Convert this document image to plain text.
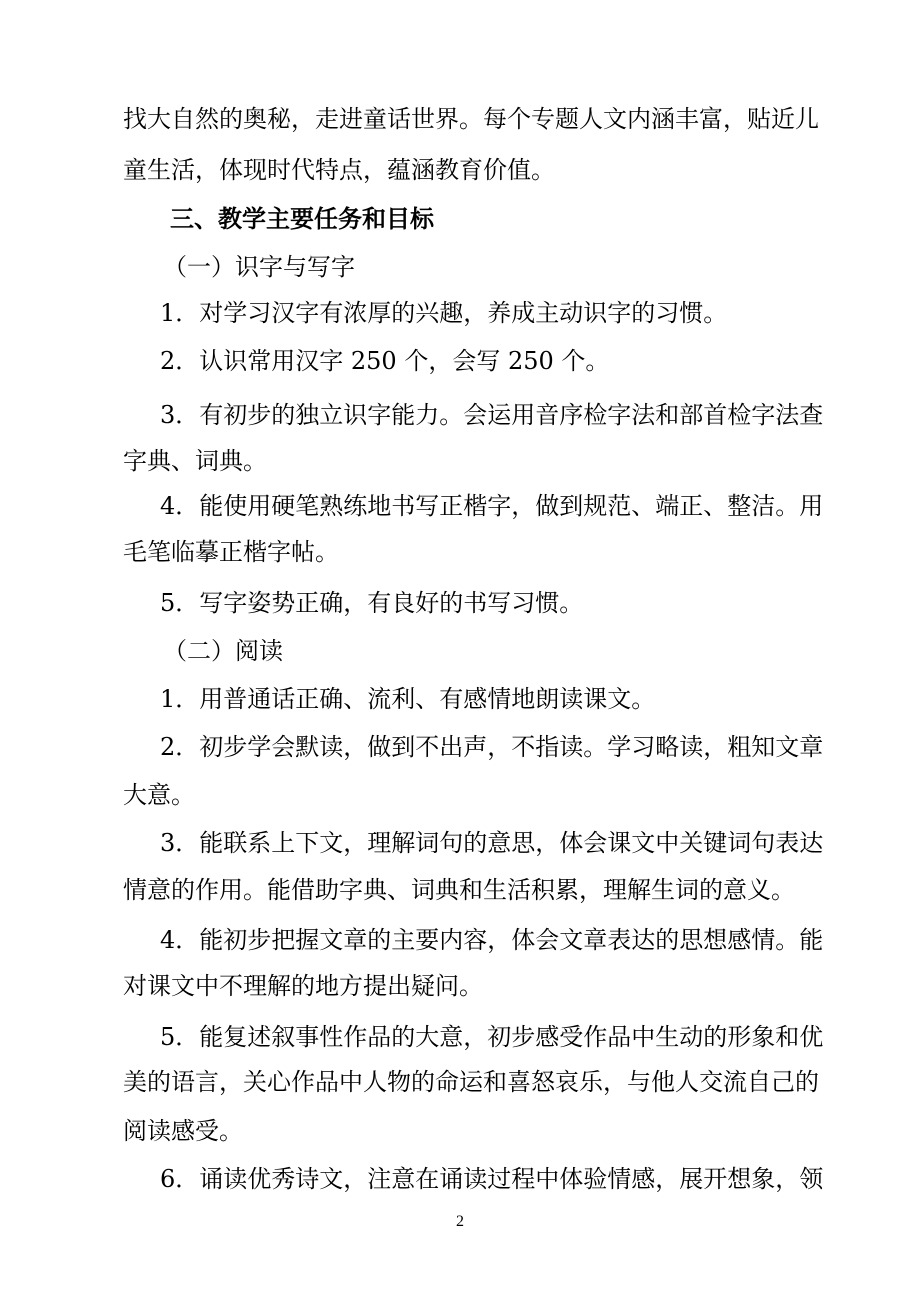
找大自然的奥秘，走进童话世界。每个专题人文内涵丰富，贴近儿
童生活，体现时代特点，蕴涵教育价值。
三、教学主要任务和目标
（一）识字与写字
1．对学习汉字有浓厚的兴趣，养成主动识字的习惯。
2．认识常用汉字 250 个，会写 250 个。
3．有初步的独立识字能力。会运用音序检字法和部首检字法查
字典、词典。
4．能使用硬笔熟练地书写正楷字，做到规范、端正、整洁。用
毛笔临摹正楷字帖。
5．写字姿势正确，有良好的书写习惯。
（二）阅读
1．用普通话正确、流利、有感情地朗读课文。
2．初步学会默读，做到不出声，不指读。学习略读，粗知文章
大意。
3．能联系上下文，理解词句的意思，体会课文中关键词句表达
情意的作用。能借助字典、词典和生活积累，理解生词的意义。
4．能初步把握文章的主要内容，体会文章表达的思想感情。能
对课文中不理解的地方提出疑问。
5．能复述叙事性作品的大意，初步感受作品中生动的形象和优
美的语言，关心作品中人物的命运和喜怒哀乐，与他人交流自己的
阅读感受。
6．诵读优秀诗文，注意在诵读过程中体验情感，展开想象，领
2
